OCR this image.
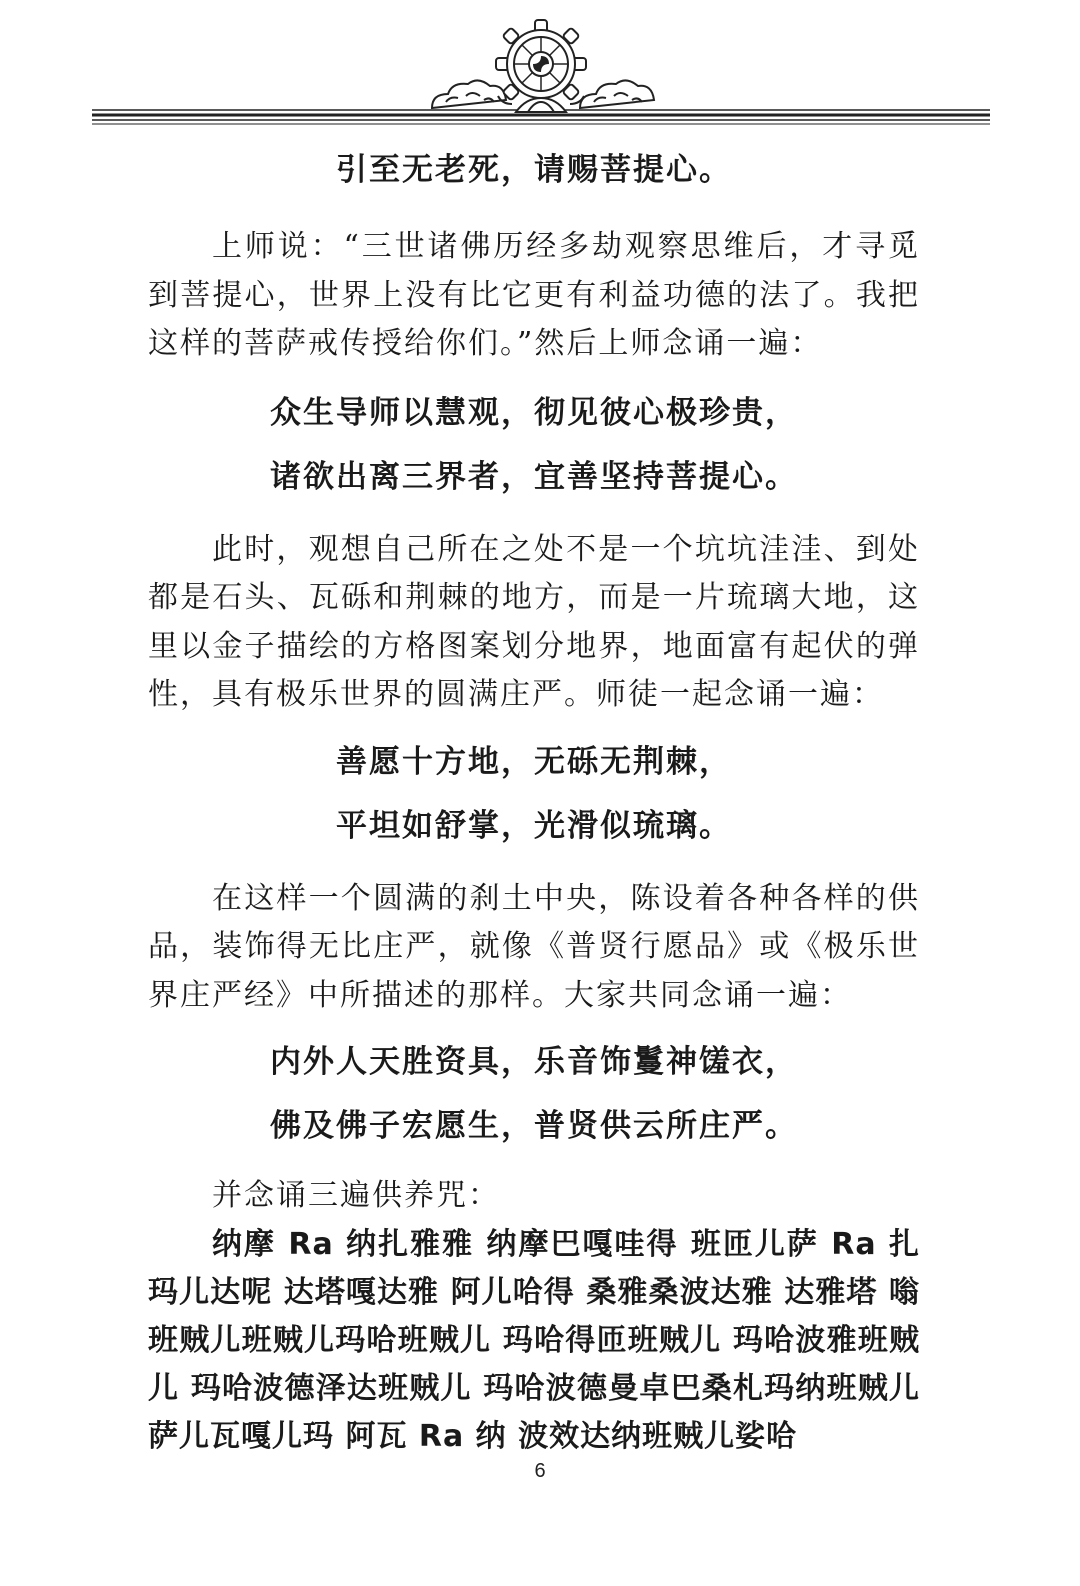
引至无老死，请赐菩提心。

上师说：“三世诸佛历经多劫观察思维后，才寻觅到菩提心，世界上没有比它更有利益功德的法了。我把这样的菩萨戒传授给你们。”然后上师念诵一遍：

众生导师以慧观，彻见彼心极珍贵，
诸欲出离三界者，宜善坚持菩提心。

此时，观想自己所在之处不是一个坑坑洼洼、到处都是石头、瓦砾和荆棘的地方，而是一片琉璃大地，这里以金子描绘的方格图案划分地界，地面富有起伏的弹性，具有极乐世界的圆满庄严。师徒一起念诵一遍：

善愿十方地，无砾无荆棘，
平坦如舒掌，光滑似琉璃。

在这样一个圆满的刹土中央，陈设着各种各样的供品，装饰得无比庄严，就像《普贤行愿品》或《极乐世界庄严经》中所描述的那样。大家共同念诵一遍：

内外人天胜资具，乐音饰鬘神馐衣，
佛及佛子宏愿生，普贤供云所庄严。

并念诵三遍供养咒：

纳摩 Ra 纳扎雅雅 纳摩巴嘎哇得 班匝儿萨 Ra 扎玛儿达呢 达塔嘎达雅 阿儿哈得 桑雅桑波达雅 达雅塔 嗡班贼儿班贼儿玛哈班贼儿 玛哈得匝班贼儿 玛哈波雅班贼儿 玛哈波德泽达班贼儿 玛哈波德曼卓巴桑札玛纳班贼儿 萨儿瓦嘎儿玛 阿瓦 Ra 纳 波效达纳班贼儿娑哈

6
